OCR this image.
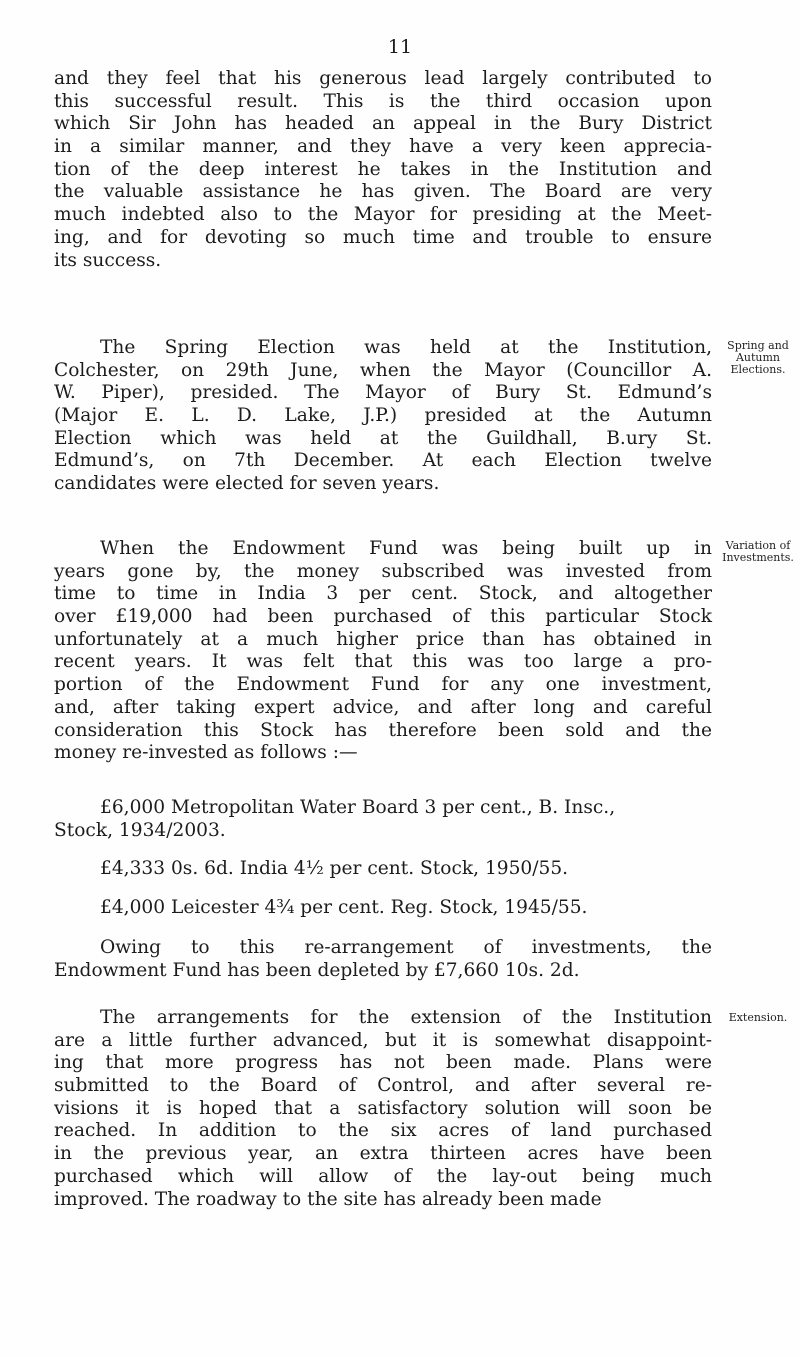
11
and they feel that his generous lead largely contributed to
this successful result. This is the third occasion upon
which Sir John has headed an appeal in the Bury District
in a similar manner, and they have a very keen apprecia-
tion of the deep interest he takes in the Institution and
the valuable assistance he has given. The Board are very
much indebted also to the Mayor for presiding at the Meet-
ing, and for devoting so much time and trouble to ensure
its success.
The Spring Election was held at the Institution,
Colchester, on 29th June, when the Mayor (Councillor A.
W. Piper), presided. The Mayor of Bury St. Edmund’s
(Major E. L. D. Lake, J.P.) presided at the Autumn
Election which was held at the Guildhall, B.ury St.
Edmund’s, on 7th December. At each Election twelve
candidates were elected for seven years.
Spring and
Autumn
Elections.
When the Endowment Fund was being built up in
years gone by, the money subscribed was invested from
time to time in India 3 per cent. Stock, and altogether
over £19,000 had been purchased of this particular Stock
unfortunately at a much higher price than has obtained in
recent years. It was felt that this was too large a pro-
portion of the Endowment Fund for any one investment,
and, after taking expert advice, and after long and careful
consideration this Stock has therefore been sold and the
money re-invested as follows :—
Variation of
Investments.
£6,000 Metropolitan Water Board 3 per cent., B. Insc.,
Stock, 1934/2003.
£4,333 0s. 6d. India 4½ per cent. Stock, 1950/55.
£4,000 Leicester 4¾ per cent. Reg. Stock, 1945/55.
Owing to this re-arrangement of investments, the
Endowment Fund has been depleted by £7,660 10s. 2d.
The arrangements for the extension of the Institution
are a little further advanced, but it is somewhat disappoint-
ing that more progress has not been made. Plans were
submitted to the Board of Control, and after several re-
visions it is hoped that a satisfactory solution will soon be
reached. In addition to the six acres of land purchased
in the previous year, an extra thirteen acres have been
purchased which will allow of the lay-out being much
improved. The roadway to the site has already been made
Extension.
